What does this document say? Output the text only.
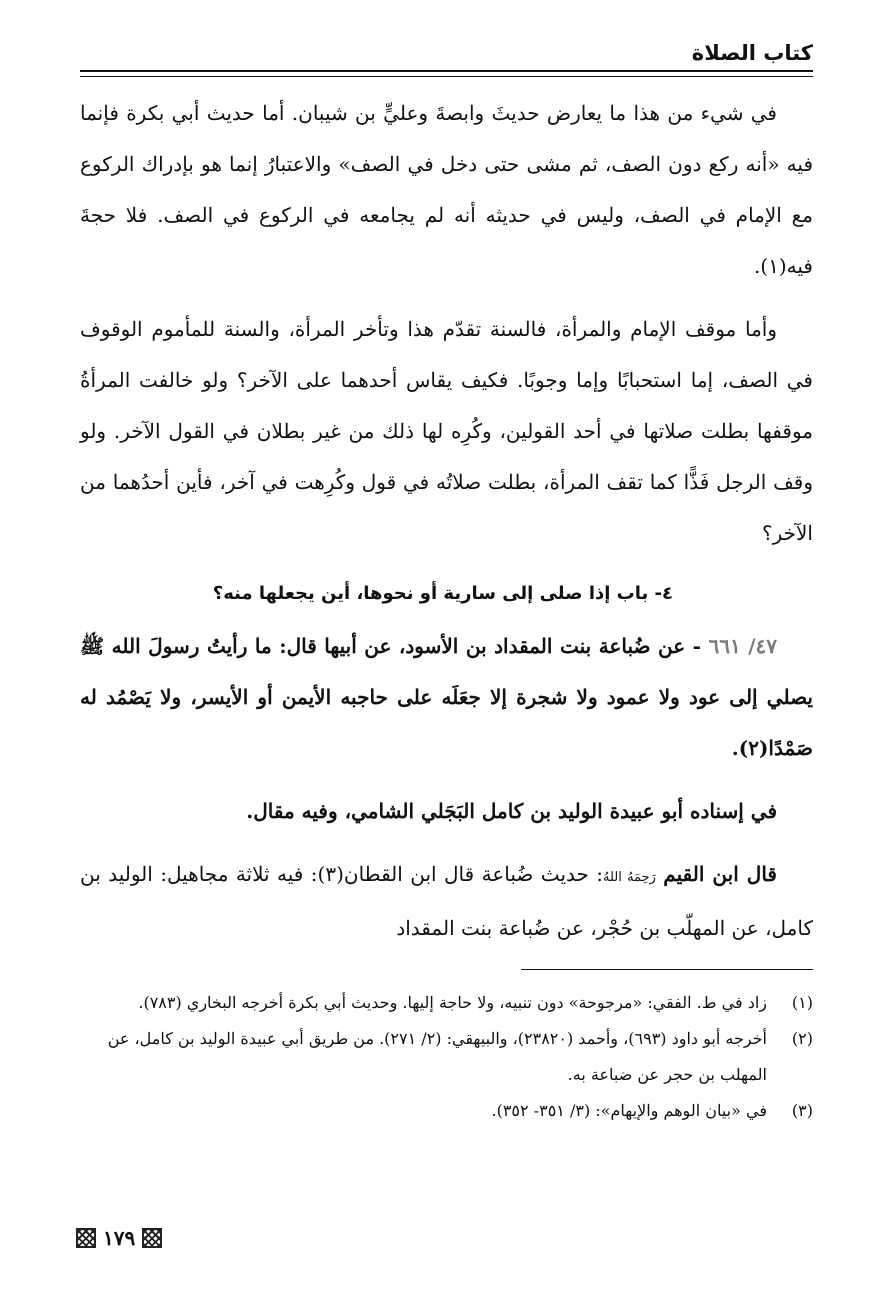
كتاب الصلاة

في شيء من هذا ما يعارض حديثَ وابصةَ وعليٍّ بن شيبان. أما حديث أبي بكرة فإنما فيه «أنه ركع دون الصف، ثم مشى حتى دخل في الصف» والاعتبارُ إنما هو بإدراك الركوع مع الإمام في الصف، وليس في حديثه أنه لم يجامعه في الركوع في الصف. فلا حجةَ فيه(١).

وأما موقف الإمام والمرأة، فالسنة تقدّم هذا وتأخر المرأة، والسنة للمأموم الوقوف في الصف، إما استحبابًا وإما وجوبًا. فكيف يقاس أحدهما على الآخر؟ ولو خالفت المرأةُ موقفها بطلت صلاتها في أحد القولين، وكُرِه لها ذلك من غير بطلان في القول الآخر. ولو وقف الرجل فَذًّا كما تقف المرأة، بطلت صلاتُه في قول وكُرِهت في آخر، فأين أحدُهما من الآخر؟

٤- باب إذا صلى إلى سارية أو نحوها، أين يجعلها منه؟

٤٧/ ٦٦١ - عن ضُباعة بنت المقداد بن الأسود، عن أبيها قال: ما رأيتُ رسولَ الله ﷺ يصلي إلى عود ولا عمود ولا شجرة إلا جعَلَه على حاجبه الأيمن أو الأيسر، ولا يَصْمُد له صَمْدًا(٢).

في إسناده أبو عبيدة الوليد بن كامل البَجَلي الشامي، وفيه مقال.

قال ابن القيم رَحِمَهُ اللهُ: حديث ضُباعة قال ابن القطان(٣): فيه ثلاثة مجاهيل: الوليد بن كامل، عن المهلّب بن حُجْر، عن ضُباعة بنت المقداد

(١)
زاد في ط. الفقي: «مرجوحة» دون تنبيه، ولا حاجة إليها. وحديث أبي بكرة أخرجه البخاري (٧٨٣).

(٢)
أخرجه أبو داود (٦٩٣)، وأحمد (٢٣٨٢٠)، والبيهقي: (٢/ ٢٧١). من طريق أبي عبيدة الوليد بن كامل، عن المهلب بن حجر عن ضباعة به.

(٣)
في «بيان الوهم والإيهام»: (٣/ ٣٥١- ٣٥٢).

١٧٩
